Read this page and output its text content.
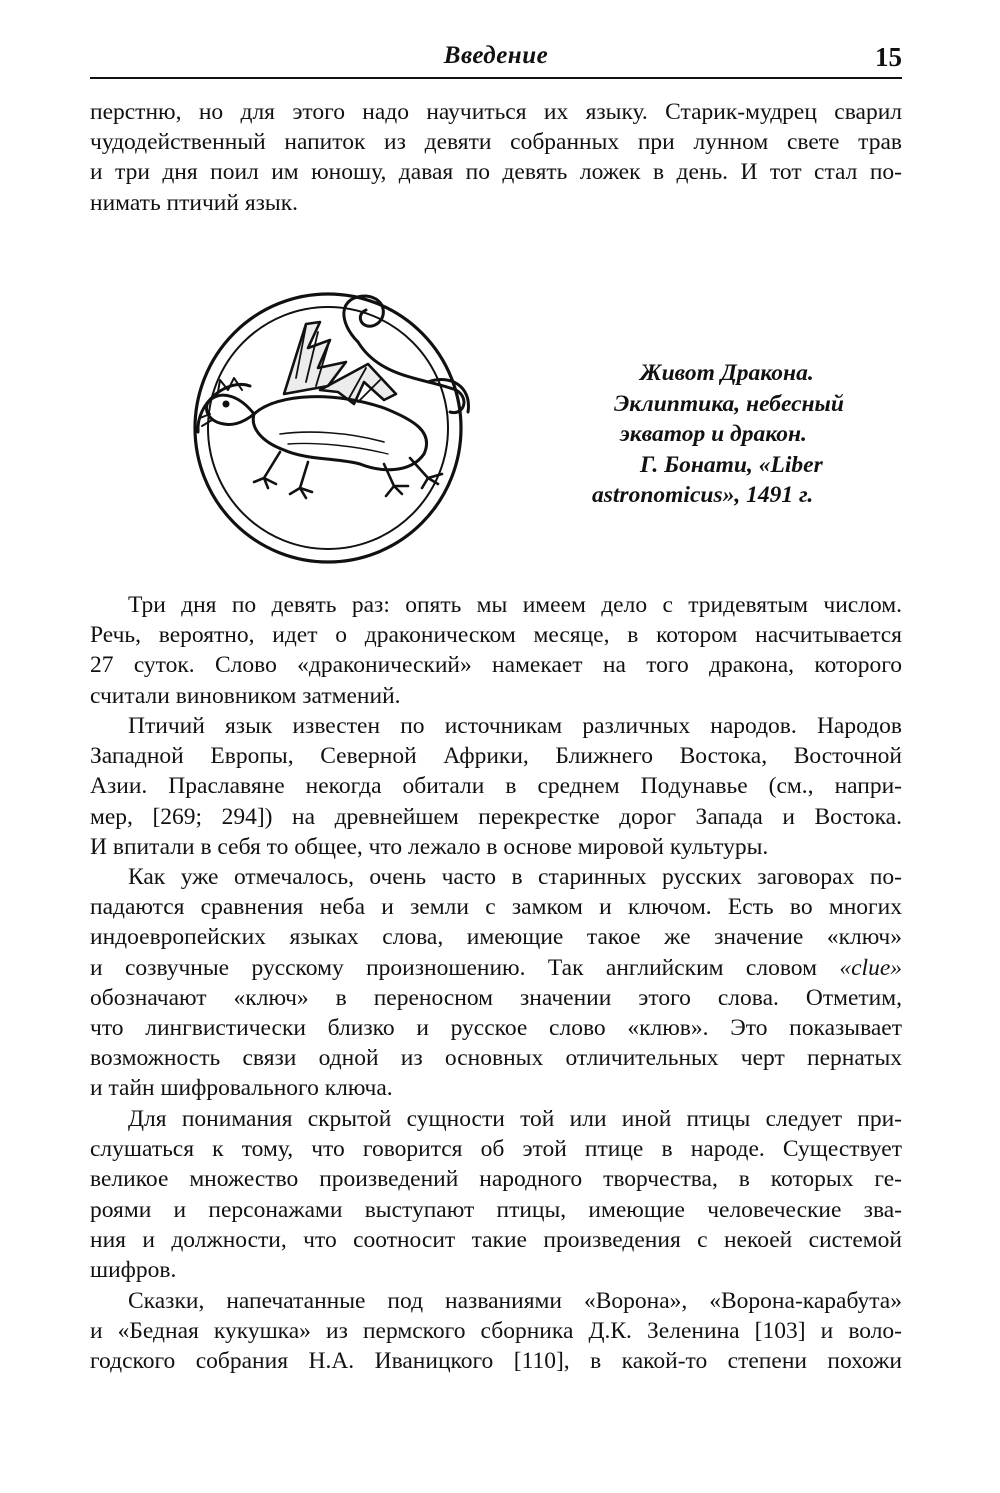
Введение	15
перстню, но для этого надо научиться их языку. Старик-мудрец сварил
чудодейственный напиток из девяти собранных при лунном свете трав
и три дня поил им юношу, давая по девять ложек в день. И тот стал по-
нимать птичий язык.
Живот Дракона.
Эклиптика, небесный
экватор и дракон.
Г. Бонати, «Liber
astronomicus», 1491 г.
Три дня по девять раз: опять мы имеем дело с тридевятым числом.
Речь, вероятно, идет о драконическом месяце, в котором насчитывается
27 суток. Слово «драконический» намекает на того дракона, которого
считали виновником затмений.
Птичий язык известен по источникам различных народов. Народов
Западной Европы, Северной Африки, Ближнего Востока, Восточной
Азии. Праславяне некогда обитали в среднем Подунавье (см., напри-
мер, [269; 294]) на древнейшем перекрестке дорог Запада и Востока.
И впитали в себя то общее, что лежало в основе мировой культуры.
Как уже отмечалось, очень часто в старинных русских заговорах по-
падаются сравнения неба и земли с замком и ключом. Есть во многих
индоевропейских языках слова, имеющие такое же значение «ключ»
и созвучные русскому произношению. Так английским словом «clue»
обозначают «ключ» в переносном значении этого слова. Отметим,
что лингвистически близко и русское слово «клюв». Это показывает
возможность связи одной из основных отличительных черт пернатых
и тайн шифровального ключа.
Для понимания скрытой сущности той или иной птицы следует при-
слушаться к тому, что говорится об этой птице в народе. Существует
великое множество произведений народного творчества, в которых ге-
роями и персонажами выступают птицы, имеющие человеческие зва-
ния и должности, что соотносит такие произведения с некоей системой
шифров.
Сказки, напечатанные под названиями «Ворона», «Ворона-карабута»
и «Бедная кукушка» из пермского сборника Д.К. Зеленина [103] и воло-
годского собрания Н.А. Иваницкого [110], в какой-то степени похожи
